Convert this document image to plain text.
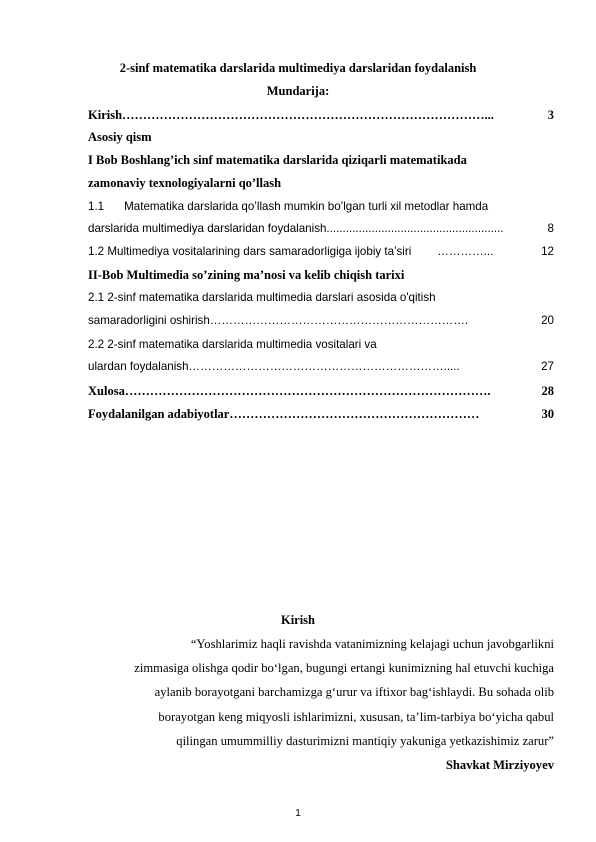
2-sinf matematika darslarida multimediya darslaridan foydalanish
Mundarija:
Kirish ……………………………………………………………………………...	3
Asosiy qism
I Bob Boshlang’ich sinf matematika darslarida qiziqarli matematikada
zamonaviy texnologiyalarni qo’llash
1.1 Matematika darslarida qo’llash mumkin bo’lgan turli xil metodlar hamda
darslarida multimediya darslaridan foydalanish.......................................................	8
1.2 Multimediya vositalarining dars samaradorligiga ijobiy ta’siri …………...	12
II-Bob Multimedia so’zining ma’nosi va kelib chiqish tarixi
2.1 2-sinf matematika darslarida multimedia darslari asosida o'qitish
samaradorligini oshirish………………………………………………………….	20
2.2 2-sinf matematika darslarida multimedia vositalari va
ulardan foydalanish………………………………………………………….....	27
Xulosa…………………………………………………………………………….	28
Foydalanilgan adabiyotlar……………………………………………………	30
Kirish
“Yoshlarimiz haqli ravishda vatanimizning kelajagi uchun javobgarlikni
zimmasiga olishga qodir bo‘lgan, bugungi ertangi kunimizning hal etuvchi kuchiga
aylanib borayotgani barchamizga g‘urur va iftixor bag‘ishlaydi. Bu sohada olib
borayotgan keng miqyosli ishlarimizni, xususan, ta’lim-tarbiya bo‘yicha qabul
qilingan umummilliy dasturimizni mantiqiy yakuniga yetkazishimiz zarur”
Shavkat Mirziyoyev
1
